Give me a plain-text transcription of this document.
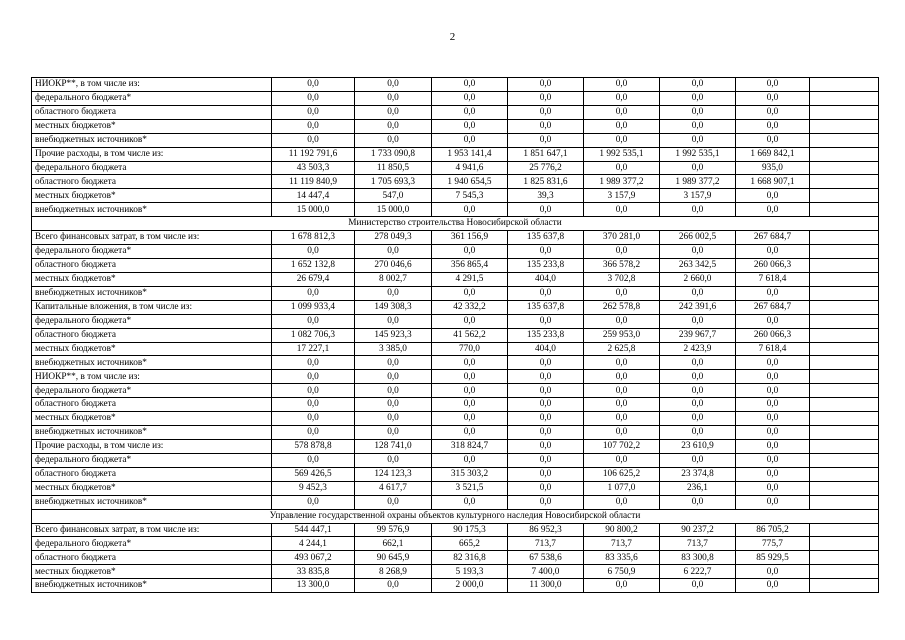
2
НИОКР**, в том числе из:	0,0	0,0	0,0	0,0	0,0	0,0	0,0	
федерального бюджета*	0,0	0,0	0,0	0,0	0,0	0,0	0,0	
областного бюджета	0,0	0,0	0,0	0,0	0,0	0,0	0,0	
местных бюджетов*	0,0	0,0	0,0	0,0	0,0	0,0	0,0	
внебюджетных источников*	0,0	0,0	0,0	0,0	0,0	0,0	0,0	
Прочие расходы, в том числе из:	11 192 791,6	1 733 090,8	1 953 141,4	1 851 647,1	1 992 535,1	1 992 535,1	1 669 842,1	
федерального бюджета	43 503,3	11 850,5	4 941,6	25 776,2	0,0	0,0	935,0	
областного бюджета	11 119 840,9	1 705 693,3	1 940 654,5	1 825 831,6	1 989 377,2	1 989 377,2	1 668 907,1	
местных бюджетов*	14 447,4	547,0	7 545,3	39,3	3 157,9	3 157,9	0,0	
внебюджетных источников*	15 000,0	15 000,0	0,0	0,0	0,0	0,0	0,0	
Министерство строительства Новосибирской области								
Всего финансовых затрат, в том числе из:	1 678 812,3	278 049,3	361 156,9	135 637,8	370 281,0	266 002,5	267 684,7	
федерального бюджета*	0,0	0,0	0,0	0,0	0,0	0,0	0,0	
областного бюджета	1 652 132,8	270 046,6	356 865,4	135 233,8	366 578,2	263 342,5	260 066,3	
местных бюджетов*	26 679,4	8 002,7	4 291,5	404,0	3 702,8	2 660,0	7 618,4	
внебюджетных источников*	0,0	0,0	0,0	0,0	0,0	0,0	0,0	
Капитальные вложения, в том числе из:	1 099 933,4	149 308,3	42 332,2	135 637,8	262 578,8	242 391,6	267 684,7	
федерального бюджета*	0,0	0,0	0,0	0,0	0,0	0,0	0,0	
областного бюджета	1 082 706,3	145 923,3	41 562,2	135 233,8	259 953,0	239 967,7	260 066,3	
местных бюджетов*	17 227,1	3 385,0	770,0	404,0	2 625,8	2 423,9	7 618,4	
внебюджетных источников*	0,0	0,0	0,0	0,0	0,0	0,0	0,0	
НИОКР**, в том числе из:	0,0	0,0	0,0	0,0	0,0	0,0	0,0	
федерального бюджета*	0,0	0,0	0,0	0,0	0,0	0,0	0,0	
областного бюджета	0,0	0,0	0,0	0,0	0,0	0,0	0,0	
местных бюджетов*	0,0	0,0	0,0	0,0	0,0	0,0	0,0	
внебюджетных источников*	0,0	0,0	0,0	0,0	0,0	0,0	0,0	
Прочие расходы, в том числе из:	578 878,8	128 741,0	318 824,7	0,0	107 702,2	23 610,9	0,0	
федерального бюджета*	0,0	0,0	0,0	0,0	0,0	0,0	0,0	
областного бюджета	569 426,5	124 123,3	315 303,2	0,0	106 625,2	23 374,8	0,0	
местных бюджетов*	9 452,3	4 617,7	3 521,5	0,0	1 077,0	236,1	0,0	
внебюджетных источников*	0,0	0,0	0,0	0,0	0,0	0,0	0,0	
Управление государственной охраны объектов культурного наследия Новосибирской области								
Всего финансовых затрат, в том числе из:	544 447,1	99 576,9	90 175,3	86 952,3	90 800,2	90 237,2	86 705,2	
федерального бюджета*	4 244,1	662,1	665,2	713,7	713,7	713,7	775,7	
областного бюджета	493 067,2	90 645,9	82 316,8	67 538,6	83 335,6	83 300,8	85 929,5	
местных бюджетов*	33 835,8	8 268,9	5 193,3	7 400,0	6 750,9	6 222,7	0,0	
внебюджетных источников*	13 300,0	0,0	2 000,0	11 300,0	0,0	0,0	0,0	
